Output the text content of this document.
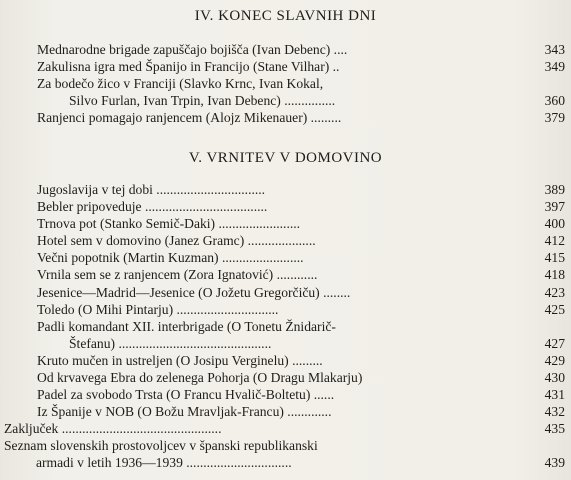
IV. KONEC SLAVNIH DNI
Mednarodne brigade zapuščajo bojišča (Ivan Debenc) ....	343
Zakulisna igra med Španijo in Francijo (Stane Vilhar) ..	349
Za bodečo žico v Franciji (Slavko Krnc, Ivan Kokal,
Silvo Furlan, Ivan Trpin, Ivan Debenc) ...............	360
Ranjenci pomagajo ranjencem (Alojz Mikenauer) .........	379
V. VRNITEV V DOMOVINO
Jugoslavija v tej dobi ................................	389
Bebler pripoveduje ....................................	397
Trnova pot (Stanko Semič-Daki) ........................	400
Hotel sem v domovino (Janez Gramc) ....................	412
Večni popotnik (Martin Kuzman) ........................	415
Vrnila sem se z ranjencem (Zora Ignatović) ............	418
Jesenice—Madrid—Jesenice (O Jožetu Gregorčiču) ........	423
Toledo (O Mihi Pintarju) ..............................	425
Padli komandant XII. interbrigade (O Tonetu Žnidarič-
Štefanu) .............................................	427
Kruto mučen in ustreljen (O Josipu Verginelu) .........	429
Od krvavega Ebra do zelenega Pohorja (O Dragu Mlakarju)	430
Padel za svobodo Trsta (O Francu Hvalič-Boltetu) ......	431
Iz Španije v NOB (O Božu Mravljak-Francu) .............	432
Zaključek ...............................................	435
Seznam slovenskih prostovoljcev v španski republikanski
armadi v letih 1936—1939 ...............................	439
